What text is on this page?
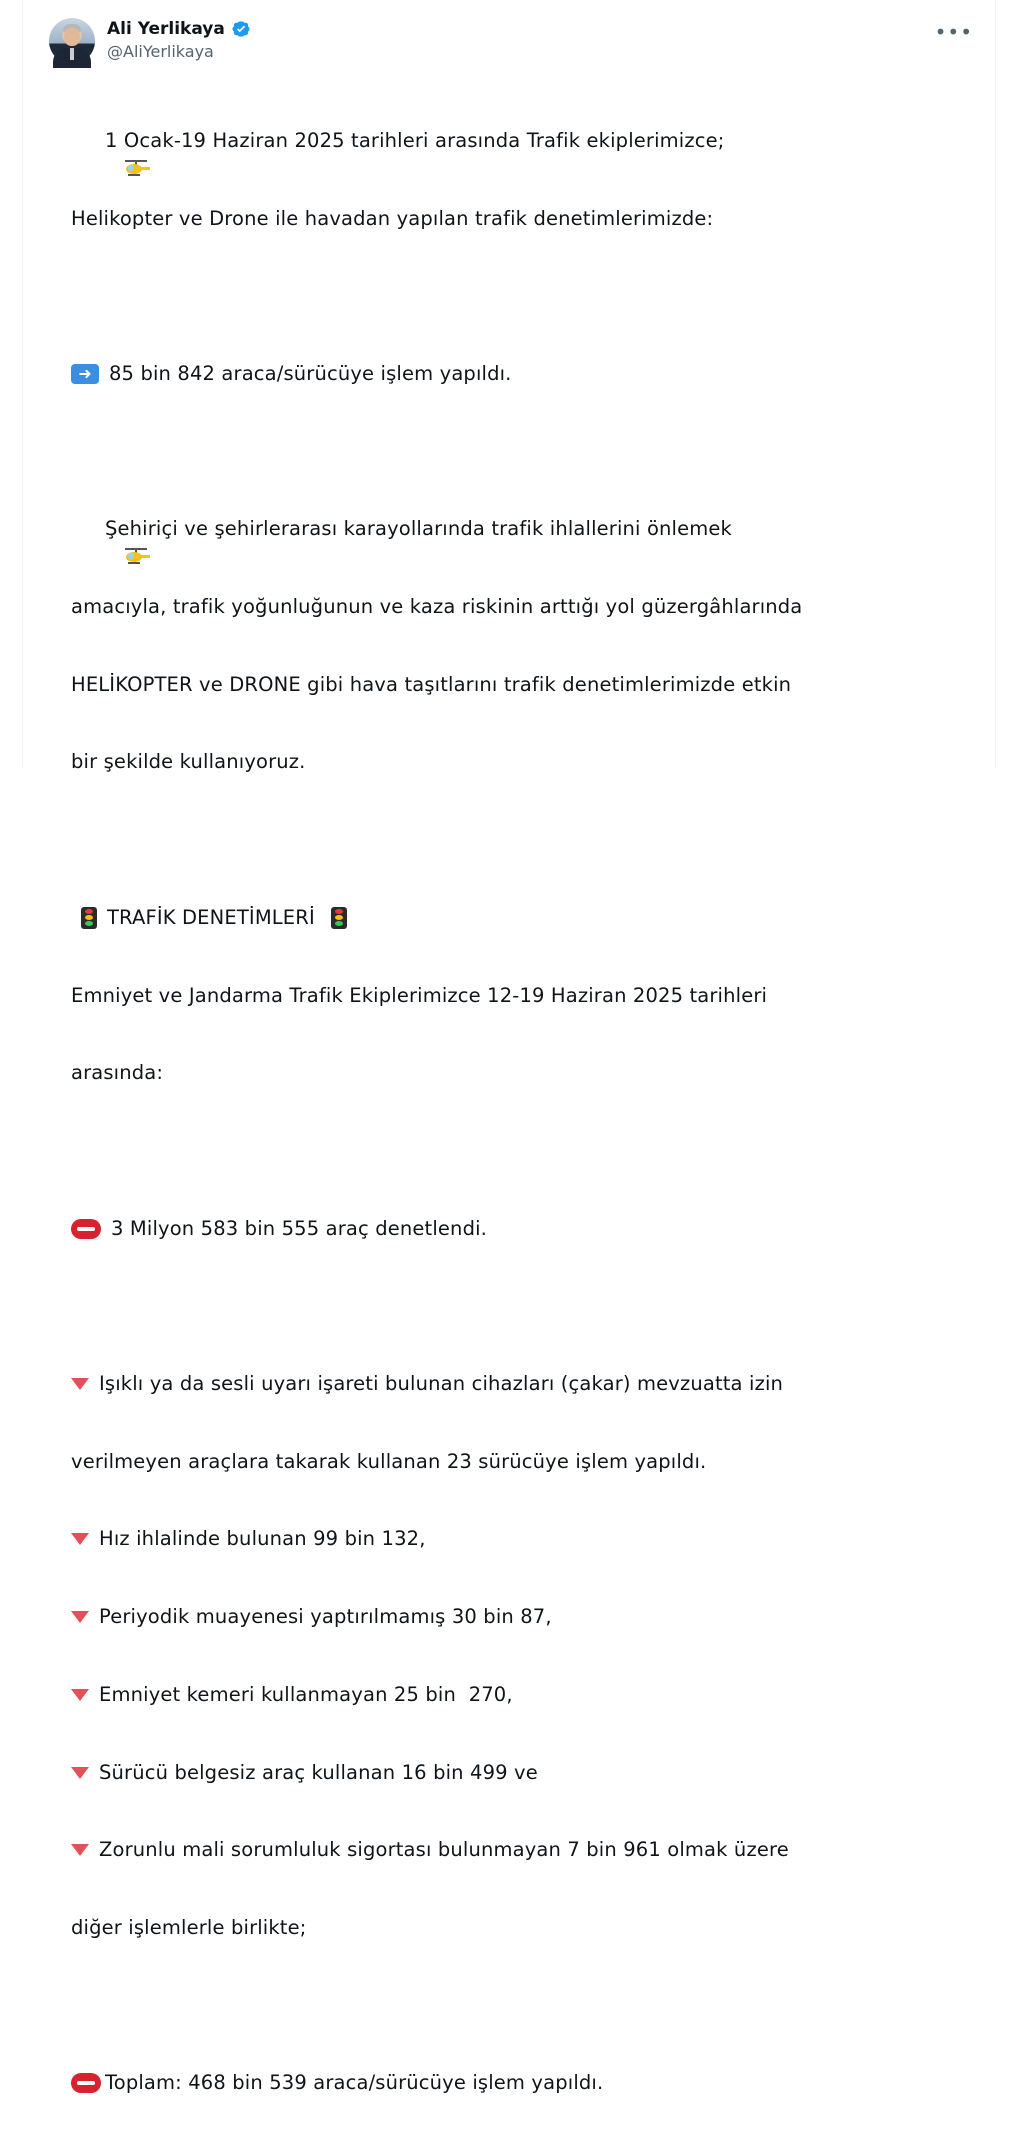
Ali Yerlikaya
@AliYerlikaya
•••

1 Ocak-19 Haziran 2025 tarihleri arasında Trafik ekiplerimizce;

Helikopter ve Drone ile havadan yapılan trafik denetimlerimizde:

➜ 85 bin 842 araca/sürücüye işlem yapıldı.

Şehiriçi ve şehirlerarası karayollarında trafik ihlallerini önlemek

amacıyla, trafik yoğunluğunun ve kaza riskinin arttığı yol güzergâhlarında

HELİKOPTER ve DRONE gibi hava taşıtlarını trafik denetimlerimizde etkin

bir şekilde kullanıyoruz.

TRAFİK DENETİMLERİ

Emniyet ve Jandarma Trafik Ekiplerimizce 12-19 Haziran 2025 tarihleri

arasında:

3 Milyon 583 bin 555 araç denetlendi.

Işıklı ya da sesli uyarı işareti bulunan cihazları (çakar) mevzuatta izin

verilmeyen araçlara takarak kullanan 23 sürücüye işlem yapıldı.

Hız ihlalinde bulunan 99 bin 132,

Periyodik muayenesi yaptırılmamış 30 bin 87,

Emniyet kemeri kullanmayan 25 bin  270,

Sürücü belgesiz araç kullanan 16 bin 499 ve

Zorunlu mali sorumluluk sigortası bulunmayan 7 bin 961 olmak üzere

diğer işlemlerle birlikte;

Toplam: 468 bin 539 araca/sürücüye işlem yapıldı.
